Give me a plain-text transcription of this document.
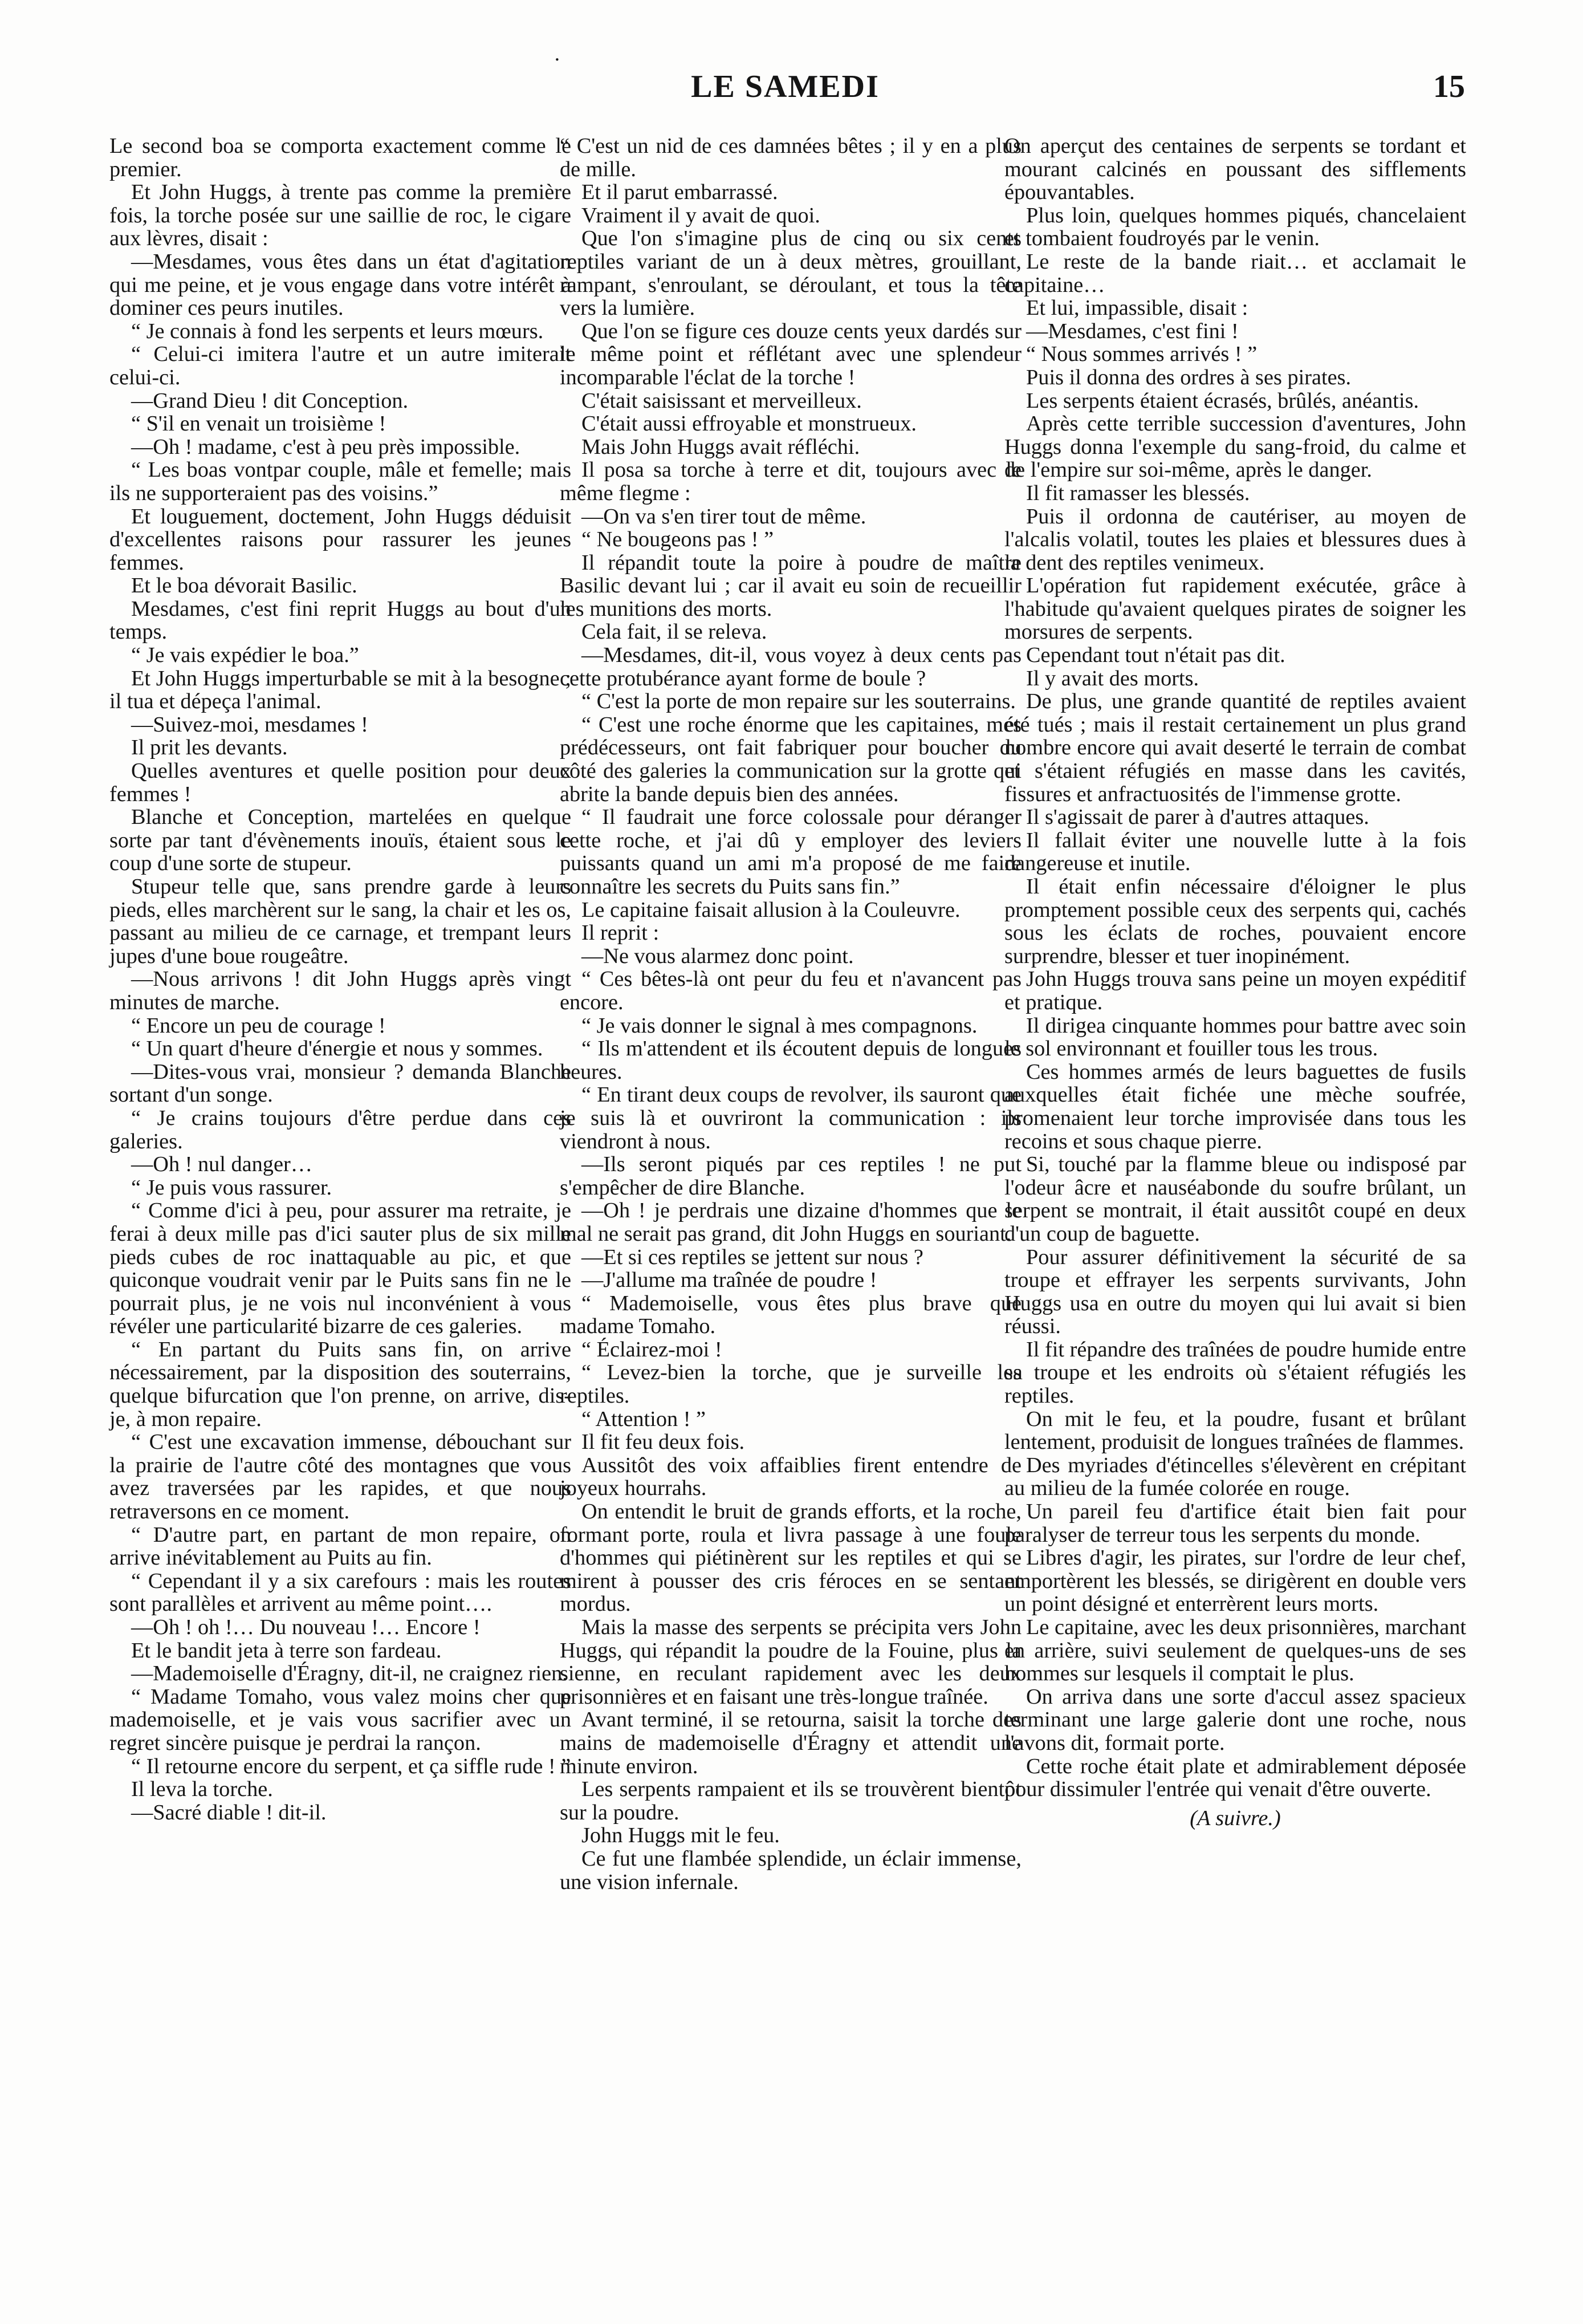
·
LE SAMEDI	15

Le second boa se comporta exactement comme le premier.

Et John Huggs, à trente pas comme la première fois, la torche posée sur une saillie de roc, le cigare aux lèvres, disait :

—Mesdames, vous êtes dans un état d'agitation qui me peine, et je vous engage dans votre intérêt à dominer ces peurs inutiles.

“ Je connais à fond les serpents et leurs mœurs.

“ Celui-ci imitera l'autre et un autre imiterait celui-ci.

—Grand Dieu ! dit Conception.

“ S'il en venait un troisième !

—Oh ! madame, c'est à peu près impossible.

“ Les boas vontpar couple, mâle et femelle; mais ils ne supporteraient pas des voisins.”

Et louguement, doctement, John Huggs déduisit d'excellentes raisons pour rassurer les jeunes femmes.

Et le boa dévorait Basilic.

Mesdames, c'est fini reprit Huggs au bout d'un temps.

“ Je vais expédier le boa.”

Et John Huggs imperturbable se mit à la besogne ; il tua et dépeça l'animal.

—Suivez-moi, mesdames !

Il prit les devants.

Quelles aventures et quelle position pour deux femmes !

Blanche et Conception, martelées en quelque sorte par tant d'évènements inouïs, étaient sous le coup d'une sorte de stupeur.

Stupeur telle que, sans prendre garde à leurs pieds, elles marchèrent sur le sang, la chair et les os, passant au milieu de ce carnage, et trempant leurs jupes d'une boue rougeâtre.

—Nous arrivons ! dit John Huggs après vingt minutes de marche.

“ Encore un peu de courage !

“ Un quart d'heure d'énergie et nous y sommes.

—Dites-vous vrai, monsieur ? demanda Blanche sortant d'un songe.

“ Je crains toujours d'être perdue dans ces galeries.

—Oh ! nul danger…

“ Je puis vous rassurer.

“ Comme d'ici à peu, pour assurer ma retraite, je ferai à deux mille pas d'ici sauter plus de six mille pieds cubes de roc inattaquable au pic, et que quiconque voudrait venir par le Puits sans fin ne le pourrait plus, je ne vois nul inconvénient à vous révéler une particularité bizarre de ces galeries.

“ En partant du Puits sans fin, on arrive nécessairement, par la disposition des souterrains, quelque bifurcation que l'on prenne, on arrive, dis-je, à mon repaire.

“ C'est une excavation immense, débouchant sur la prairie de l'autre côté des montagnes que vous avez traversées par les rapides, et que nous retraversons en ce moment.

“ D'autre part, en partant de mon repaire, on arrive inévitablement au Puits au fin.

“ Cependant il y a six carefours : mais les routes sont parallèles et arrivent au même point….

—Oh ! oh !… Du nouveau !… Encore !

Et le bandit jeta à terre son fardeau.

—Mademoiselle d'Éragny, dit-il, ne craignez rien.

“ Madame Tomaho, vous valez moins cher que mademoiselle, et je vais vous sacrifier avec un regret sincère puisque je perdrai la rançon.

“ Il retourne encore du serpent, et ça siffle rude ! ”

Il leva la torche.

—Sacré diable ! dit-il.

“ C'est un nid de ces damnées bêtes ; il y en a plus de mille.

Et il parut embarrassé.

Vraiment il y avait de quoi.

Que l'on s'imagine plus de cinq ou six cents reptiles variant de un à deux mètres, grouillant, rampant, s'enroulant, se déroulant, et tous la tête vers la lumière.

Que l'on se figure ces douze cents yeux dardés sur le même point et réflétant avec une splendeur incomparable l'éclat de la torche !

C'était saisissant et merveilleux.

C'était aussi effroyable et monstrueux.

Mais John Huggs avait réfléchi.

Il posa sa torche à terre et dit, toujours avec le même flegme :

—On va s'en tirer tout de même.

“ Ne bougeons pas ! ”

Il répandit toute la poire à poudre de maître Basilic devant lui ; car il avait eu soin de recueillir les munitions des morts.

Cela fait, il se releva.

—Mesdames, dit-il, vous voyez à deux cents pas cette protubérance ayant forme de boule ?

“ C'est la porte de mon repaire sur les souterrains.

“ C'est une roche énorme que les capitaines, mes prédécesseurs, ont fait fabriquer pour boucher du côté des galeries la communication sur la grotte qui abrite la bande depuis bien des années.

“ Il faudrait une force colossale pour déranger cette roche, et j'ai dû y employer des leviers puissants quand un ami m'a proposé de me faire connaître les secrets du Puits sans fin.”

Le capitaine faisait allusion à la Couleuvre.

Il reprit :

—Ne vous alarmez donc point.

“ Ces bêtes-là ont peur du feu et n'avancent pas encore.

“ Je vais donner le signal à mes compagnons.

“ Ils m'attendent et ils écoutent depuis de longues heures.

“ En tirant deux coups de revolver, ils sauront que je suis là et ouvriront la communication : ils viendront à nous.

—Ils seront piqués par ces reptiles ! ne put s'empêcher de dire Blanche.

—Oh ! je perdrais une dizaine d'hommes que le mal ne serait pas grand, dit John Huggs en souriant.

—Et si ces reptiles se jettent sur nous ?

—J'allume ma traînée de poudre !

“ Mademoiselle, vous êtes plus brave que madame Tomaho.

“ Éclairez-moi !

“ Levez-bien la torche, que je surveille les reptiles.

“ Attention ! ”

Il fit feu deux fois.

Aussitôt des voix affaiblies firent entendre de joyeux hourrahs.

On entendit le bruit de grands efforts, et la roche, formant porte, roula et livra passage à une foule d'hommes qui piétinèrent sur les reptiles et qui se mirent à pousser des cris féroces en se sentant mordus.

Mais la masse des serpents se précipita vers John Huggs, qui répandit la poudre de la Fouine, plus la sienne, en reculant rapidement avec les deux prisonnières et en faisant une très-longue traînée.

Avant terminé, il se retourna, saisit la torche des mains de mademoiselle d'Éragny et attendit une minute environ.

Les serpents rampaient et ils se trouvèrent bientôt sur la poudre.

John Huggs mit le feu.

Ce fut une flambée splendide, un éclair immense, une vision infernale.

On aperçut des centaines de serpents se tordant et mourant calcinés en poussant des sifflements épouvantables.

Plus loin, quelques hommes piqués, chancelaient et tombaient foudroyés par le venin.

Le reste de la bande riait… et acclamait le capitaine…

Et lui, impassible, disait :

—Mesdames, c'est fini !

“ Nous sommes arrivés ! ”

Puis il donna des ordres à ses pirates.

Les serpents étaient écrasés, brûlés, anéantis.

Après cette terrible succession d'aventures, John Huggs donna l'exemple du sang-froid, du calme et de l'empire sur soi-même, après le danger.

Il fit ramasser les blessés.

Puis il ordonna de cautériser, au moyen de l'alcalis volatil, toutes les plaies et blessures dues à la dent des reptiles venimeux.

L'opération fut rapidement exécutée, grâce à l'habitude qu'avaient quelques pirates de soigner les morsures de serpents.

Cependant tout n'était pas dit.

Il y avait des morts.

De plus, une grande quantité de reptiles avaient été tués ; mais il restait certainement un plus grand nombre encore qui avait deserté le terrain de combat et s'étaient réfugiés en masse dans les cavités, fissures et anfractuosités de l'immense grotte.

Il s'agissait de parer à d'autres attaques.

Il fallait éviter une nouvelle lutte à la fois dangereuse et inutile.

Il était enfin nécessaire d'éloigner le plus promptement possible ceux des serpents qui, cachés sous les éclats de roches, pouvaient encore surprendre, blesser et tuer inopinément.

John Huggs trouva sans peine un moyen expéditif et pratique.

Il dirigea cinquante hommes pour battre avec soin le sol environnant et fouiller tous les trous.

Ces hommes armés de leurs baguettes de fusils auxquelles était fichée une mèche soufrée, promenaient leur torche improvisée dans tous les recoins et sous chaque pierre.

Si, touché par la flamme bleue ou indisposé par l'odeur âcre et nauséabonde du soufre brûlant, un serpent se montrait, il était aussitôt coupé en deux d'un coup de baguette.

Pour assurer définitivement la sécurité de sa troupe et effrayer les serpents survivants, John Huggs usa en outre du moyen qui lui avait si bien réussi.

Il fit répandre des traînées de poudre humide entre sa troupe et les endroits où s'étaient réfugiés les reptiles.

On mit le feu, et la poudre, fusant et brûlant lentement, produisit de longues traînées de flammes.

Des myriades d'étincelles s'élevèrent en crépitant au milieu de la fumée colorée en rouge.

Un pareil feu d'artifice était bien fait pour paralyser de terreur tous les serpents du monde.

Libres d'agir, les pirates, sur l'ordre de leur chef, emportèrent les blessés, se dirigèrent en double vers un point désigné et enterrèrent leurs morts.

Le capitaine, avec les deux prisonnières, marchant en arrière, suivi seulement de quelques-uns de ses hommes sur lesquels il comptait le plus.

On arriva dans une sorte d'accul assez spacieux terminant une large galerie dont une roche, nous l'avons dit, formait porte.

Cette roche était plate et admirablement déposée pour dissimuler l'entrée qui venait d'être ouverte.

(A suivre.)
